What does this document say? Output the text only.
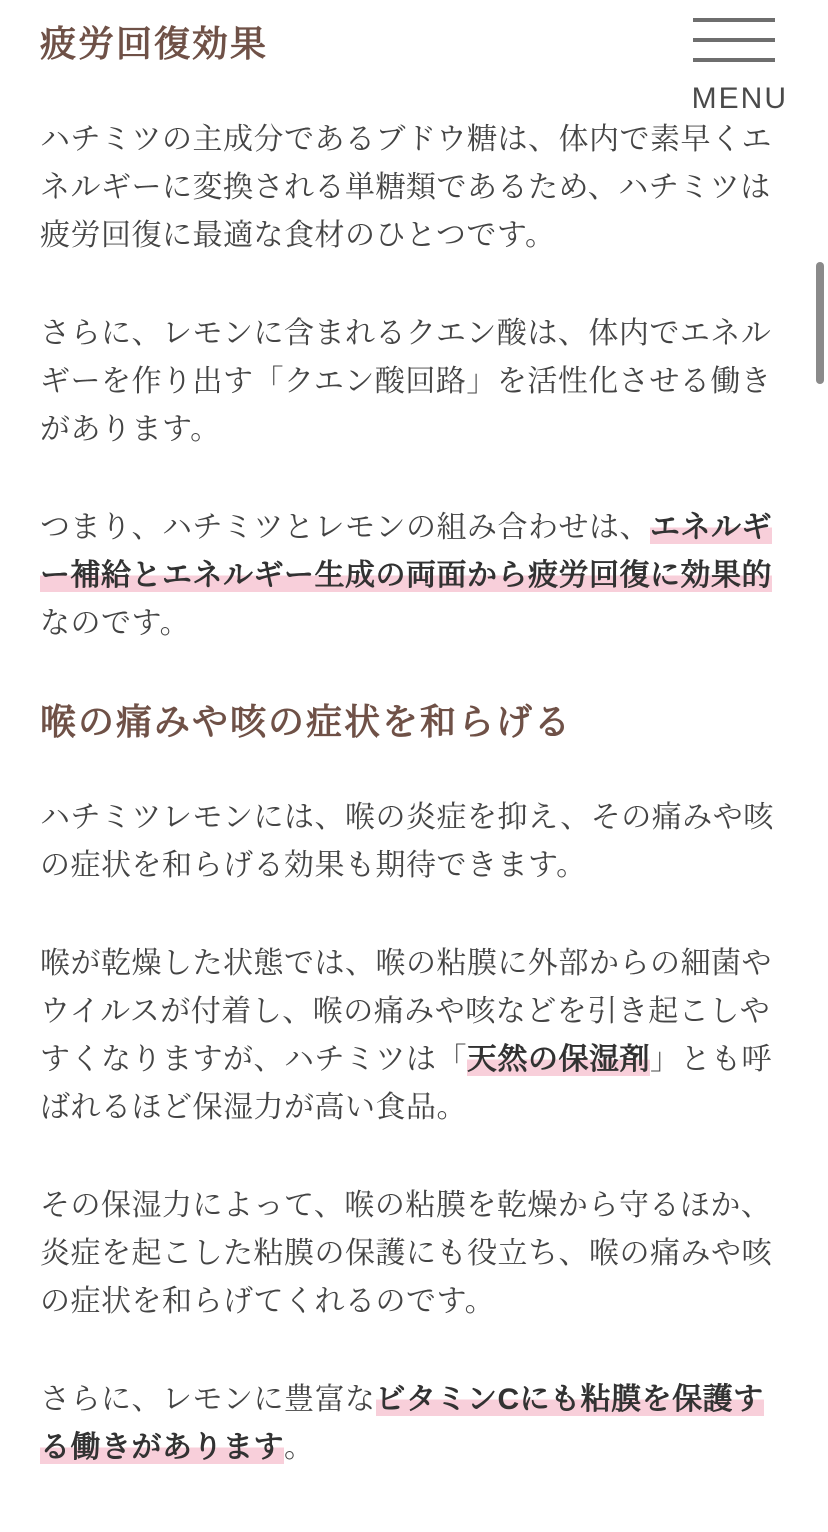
MENU
疲労回復効果

ハチミツの主成分であるブドウ糖は、体内で素早くエネルギーに変換される単糖類であるため、ハチミツは疲労回復に最適な食材のひとつです。

さらに、レモンに含まれるクエン酸は、体内でエネルギーを作り出す「クエン酸回路」を活性化させる働きがあります。

つまり、ハチミツとレモンの組み合わせは、エネルギー補給とエネルギー生成の両面から疲労回復に効果的なのです。

喉の痛みや咳の症状を和らげる

ハチミツレモンには、喉の炎症を抑え、その痛みや咳の症状を和らげる効果も期待できます。

喉が乾燥した状態では、喉の粘膜に外部からの細菌やウイルスが付着し、喉の痛みや咳などを引き起こしやすくなりますが、ハチミツは「天然の保湿剤」とも呼ばれるほど保湿力が高い食品。

その保湿力によって、喉の粘膜を乾燥から守るほか、炎症を起こした粘膜の保護にも役立ち、喉の痛みや咳の症状を和らげてくれるのです。

さらに、レモンに豊富なビタミンCにも粘膜を保護する働きがあります。
